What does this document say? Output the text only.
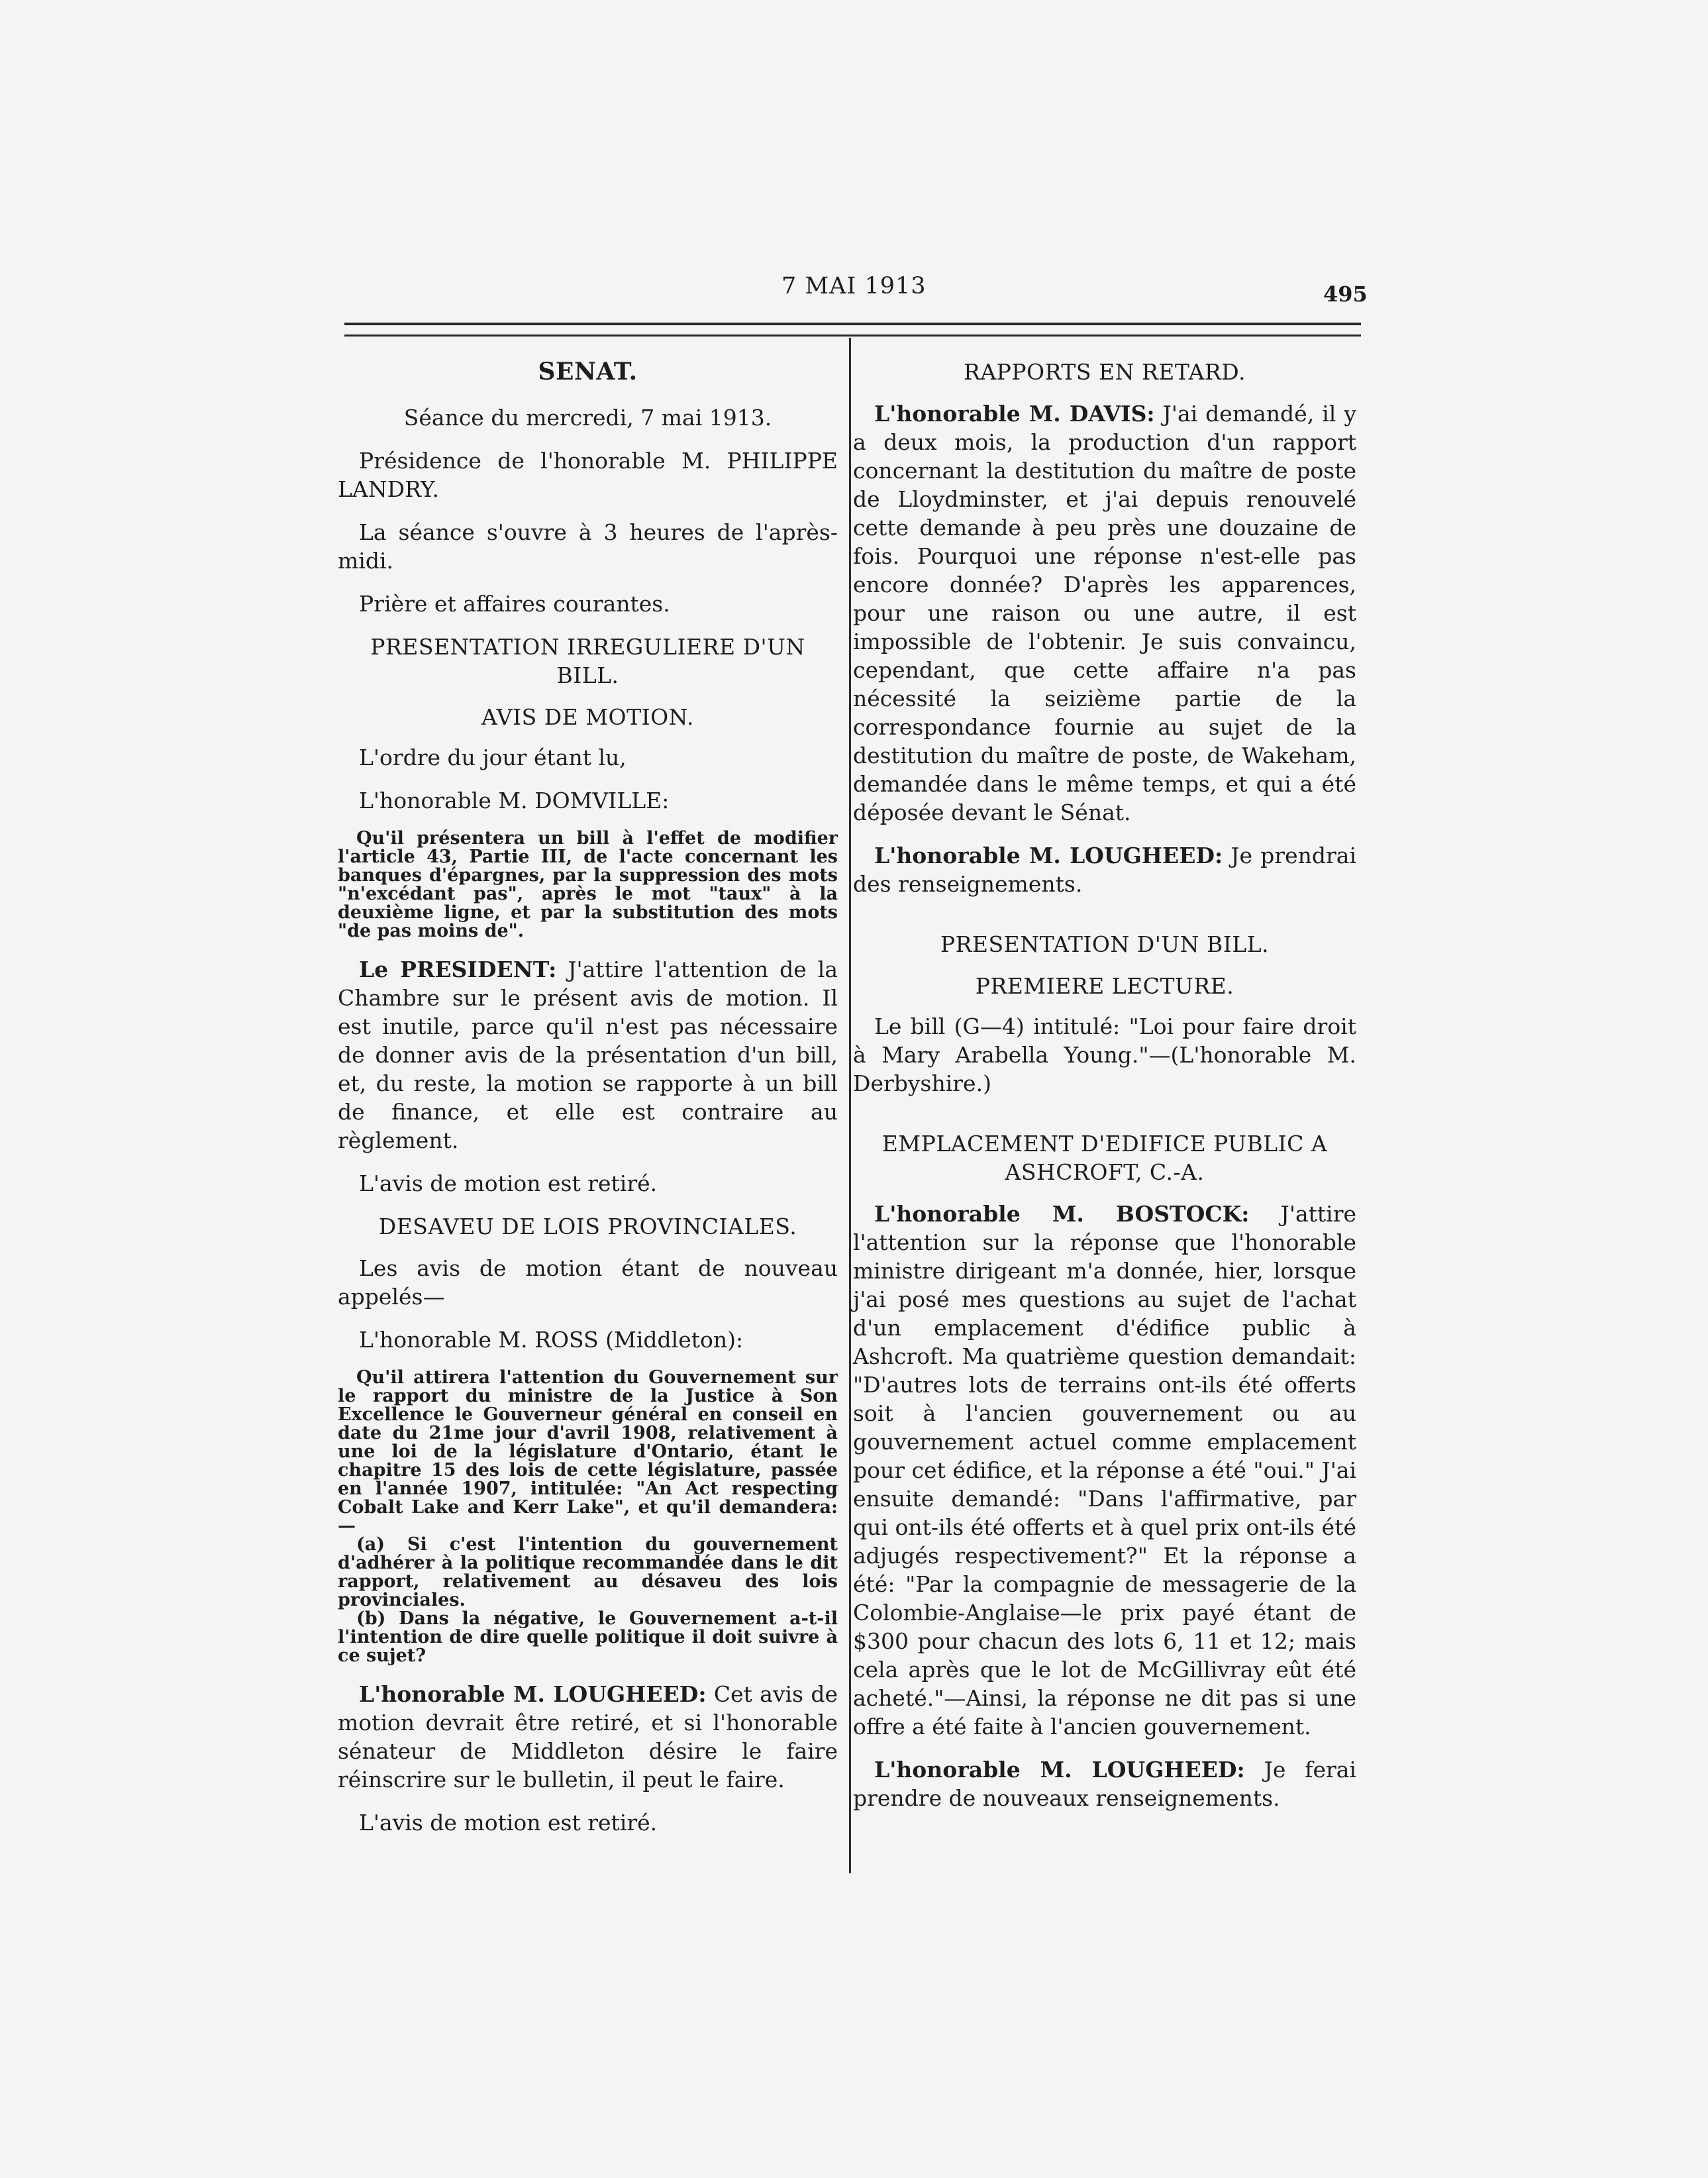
7 MAI 1913	495
SENAT.

Séance du mercredi, 7 mai 1913.

Présidence de l'honorable M. PHILIPPE LANDRY.

La séance s'ouvre à 3 heures de l'après-midi.

Prière et affaires courantes.

PRESENTATION IRREGULIERE D'UN BILL.
AVIS DE MOTION.

L'ordre du jour étant lu,

L'honorable M. DOMVILLE:

Qu'il présentera un bill à l'effet de modifier l'article 43, Partie III, de l'acte concernant les banques d'épargnes, par la suppression des mots "n'excédant pas", après le mot "taux" à la deuxième ligne, et par la substitution des mots "de pas moins de".

Le PRESIDENT: J'attire l'attention de la Chambre sur le présent avis de motion. Il est inutile, parce qu'il n'est pas nécessaire de donner avis de la présentation d'un bill, et, du reste, la motion se rapporte à un bill de finance, et elle est contraire au règlement.

L'avis de motion est retiré.

DESAVEU DE LOIS PROVINCIALES.

Les avis de motion étant de nouveau appelés—

L'honorable M. ROSS (Middleton):

Qu'il attirera l'attention du Gouvernement sur le rapport du ministre de la Justice à Son Excellence le Gouverneur général en conseil en date du 21me jour d'avril 1908, relativement à une loi de la législature d'Ontario, étant le chapitre 15 des lois de cette législature, passée en l'année 1907, intitulée: "An Act respecting Cobalt Lake and Kerr Lake", et qu'il demandera:—

(a) Si c'est l'intention du gouvernement d'adhérer à la politique recommandée dans le dit rapport, relativement au désaveu des lois provinciales.

(b) Dans la négative, le Gouvernement a-t-il l'intention de dire quelle politique il doit suivre à ce sujet?

L'honorable M. LOUGHEED: Cet avis de motion devrait être retiré, et si l'honorable sénateur de Middleton désire le faire réinscrire sur le bulletin, il peut le faire.

L'avis de motion est retiré.

RAPPORTS EN RETARD.

L'honorable M. DAVIS: J'ai demandé, il y a deux mois, la production d'un rapport concernant la destitution du maître de poste de Lloydminster, et j'ai depuis renouvelé cette demande à peu près une douzaine de fois. Pourquoi une réponse n'est-elle pas encore donnée? D'après les apparences, pour une raison ou une autre, il est impossible de l'obtenir. Je suis convaincu, cependant, que cette affaire n'a pas nécessité la seizième partie de la correspondance fournie au sujet de la destitution du maître de poste, de Wakeham, demandée dans le même temps, et qui a été déposée devant le Sénat.

L'honorable M. LOUGHEED: Je prendrai des renseignements.

PRESENTATION D'UN BILL.
PREMIERE LECTURE.

Le bill (G—4) intitulé: "Loi pour faire droit à Mary Arabella Young."—(L'honorable M. Derbyshire.)

EMPLACEMENT D'EDIFICE PUBLIC A ASHCROFT, C.-A.

L'honorable M. BOSTOCK: J'attire l'attention sur la réponse que l'honorable ministre dirigeant m'a donnée, hier, lorsque j'ai posé mes questions au sujet de l'achat d'un emplacement d'édifice public à Ashcroft. Ma quatrième question demandait: "D'autres lots de terrains ont-ils été offerts soit à l'ancien gouvernement ou au gouvernement actuel comme emplacement pour cet édifice, et la réponse a été "oui." J'ai ensuite demandé: "Dans l'affirmative, par qui ont-ils été offerts et à quel prix ont-ils été adjugés respectivement?" Et la réponse a été: "Par la compagnie de messagerie de la Colombie-Anglaise—le prix payé étant de $300 pour chacun des lots 6, 11 et 12; mais cela après que le lot de McGillivray eût été acheté."—Ainsi, la réponse ne dit pas si une offre a été faite à l'ancien gouvernement.

L'honorable M. LOUGHEED: Je ferai prendre de nouveaux renseignements.
